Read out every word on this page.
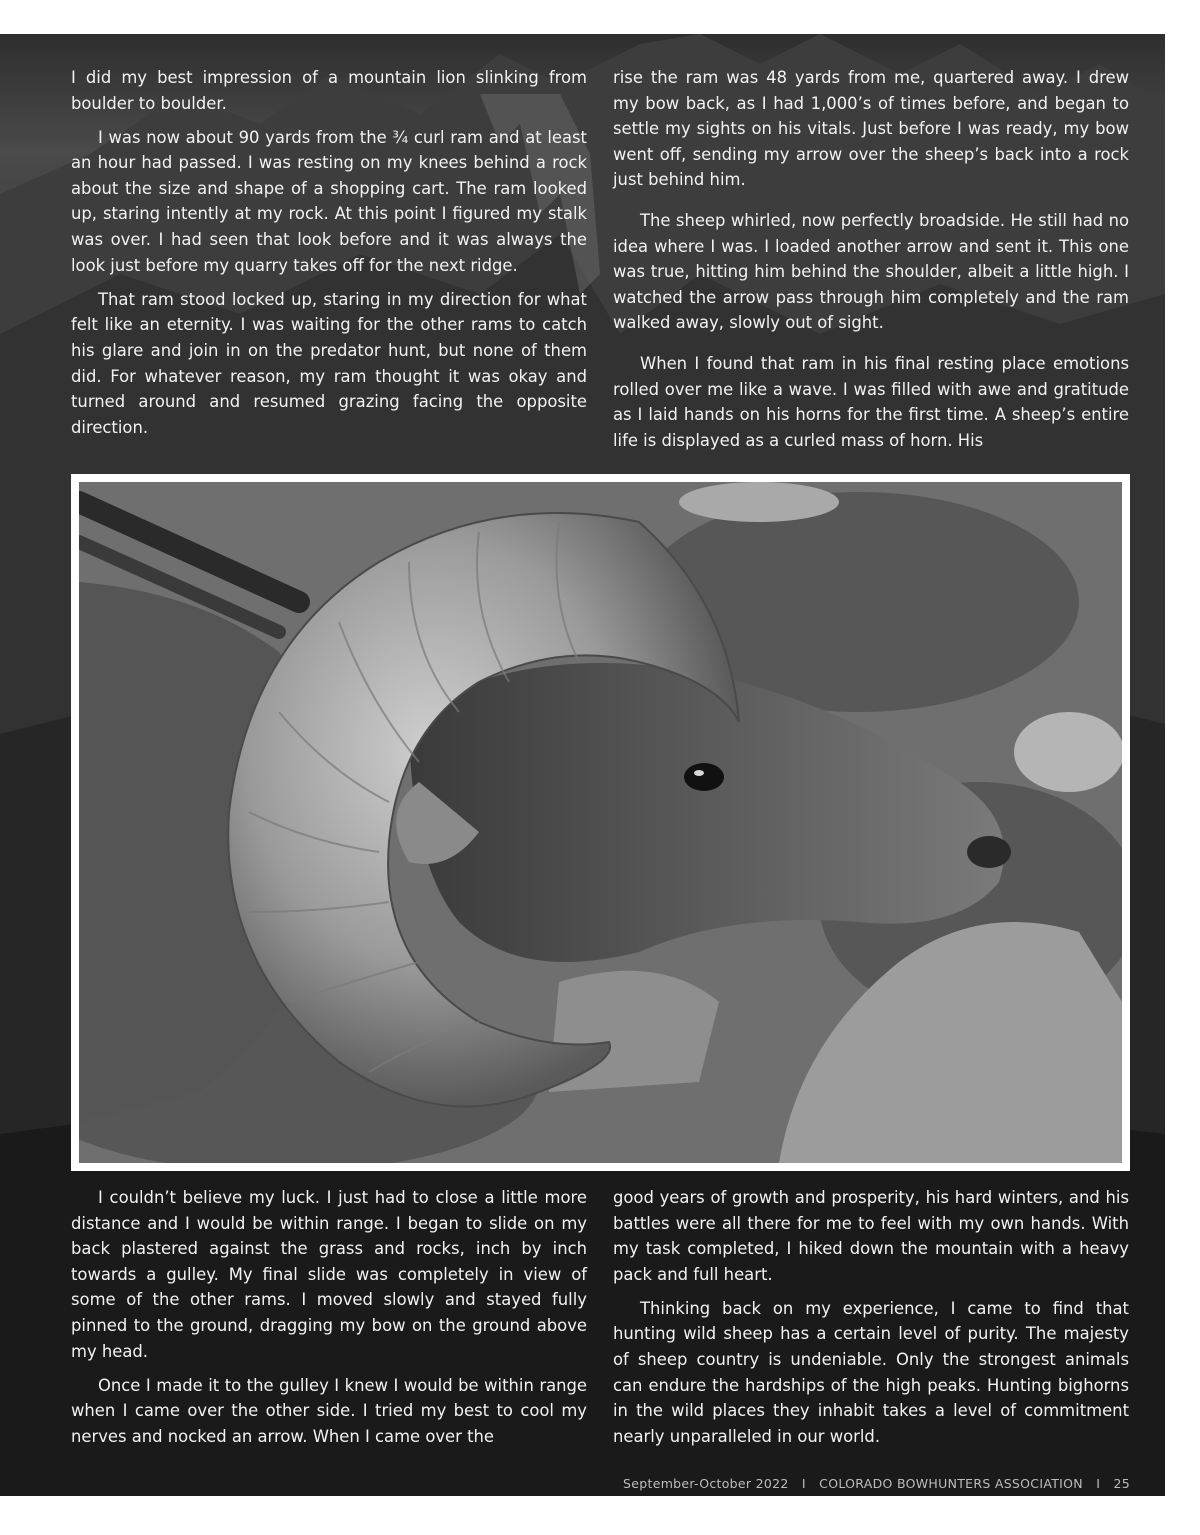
I did my best impression of a mountain lion slinking from boulder to boulder.

I was now about 90 yards from the ¾ curl ram and at least an hour had passed. I was resting on my knees behind a rock about the size and shape of a shopping cart. The ram looked up, staring intently at my rock. At this point I figured my stalk was over. I had seen that look before and it was always the look just before my quarry takes off for the next ridge.

That ram stood locked up, staring in my direction for what felt like an eternity. I was waiting for the other rams to catch his glare and join in on the predator hunt, but none of them did. For whatever reason, my ram thought it was okay and turned around and resumed grazing facing the opposite direction.

rise the ram was 48 yards from me, quartered away. I drew my bow back, as I had 1,000’s of times before, and began to settle my sights on his vitals. Just before I was ready, my bow went off, sending my arrow over the sheep’s back into a rock just behind him.

The sheep whirled, now perfectly broadside. He still had no idea where I was. I loaded another arrow and sent it. This one was true, hitting him behind the shoulder, albeit a little high. I watched the arrow pass through him completely and the ram walked away, slowly out of sight.

When I found that ram in his final resting place emotions rolled over me like a wave. I was filled with awe and gratitude as I laid hands on his horns for the first time. A sheep’s entire life is displayed as a curled mass of horn. His

I couldn’t believe my luck. I just had to close a little more distance and I would be within range. I began to slide on my back plastered against the grass and rocks, inch by inch towards a gulley. My final slide was completely in view of some of the other rams. I moved slowly and stayed fully pinned to the ground, dragging my bow on the ground above my head.

Once I made it to the gulley I knew I would be within range when I came over the other side. I tried my best to cool my nerves and nocked an arrow. When I came over the

good years of growth and prosperity, his hard winters, and his battles were all there for me to feel with my own hands. With my task completed, I hiked down the mountain with a heavy pack and full heart.

Thinking back on my experience, I came to find that hunting wild sheep has a certain level of purity. The majesty of sheep country is undeniable. Only the strongest animals can endure the hardships of the high peaks. Hunting bighorns in the wild places they inhabit takes a level of commitment nearly unparalleled in our world.

September-October 2022 I COLORADO BOWHUNTERS ASSOCIATION I 25
